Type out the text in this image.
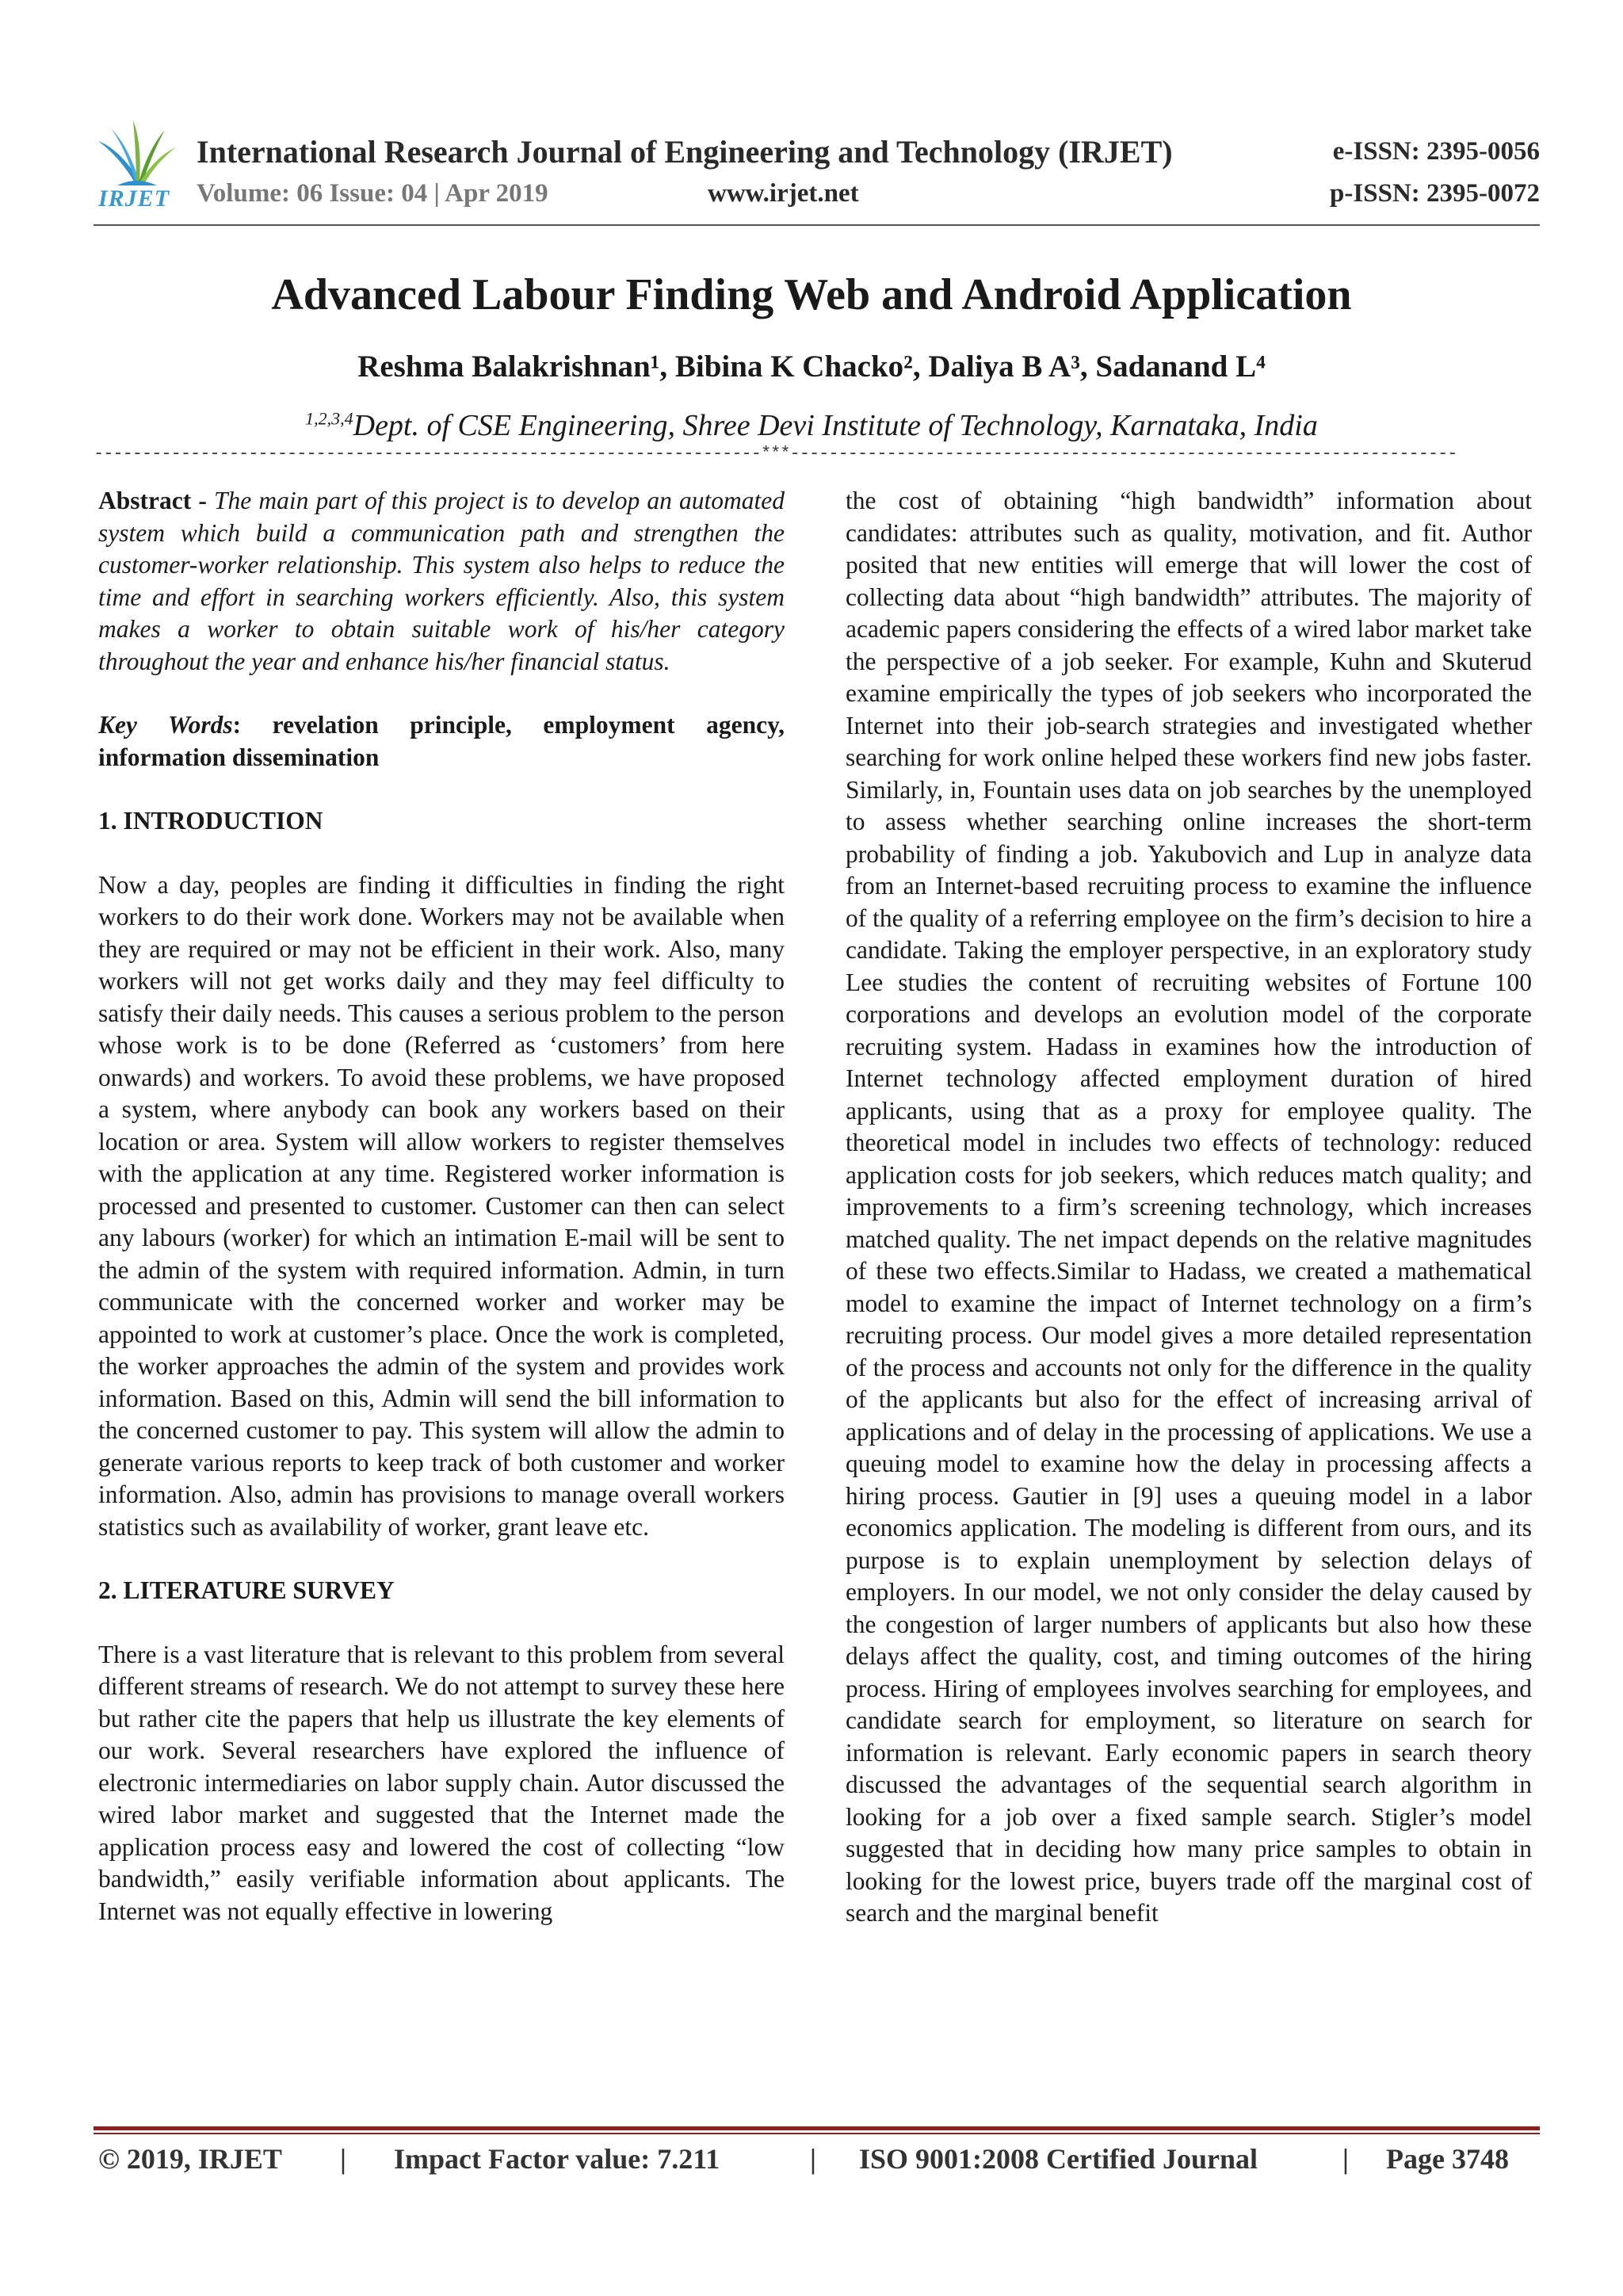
IRJET
International Research Journal of Engineering and Technology (IRJET)
Volume: 06 Issue: 04 | Apr 2019	www.irjet.net
e-ISSN: 2395-0056
p-ISSN: 2395-0072
Advanced Labour Finding Web and Android Application
Reshma Balakrishnan¹, Bibina K Chacko², Daliya B A³, Sadanand L⁴
$^{1,2,3,4}$Dept. of CSE Engineering, Shree Devi Institute of Technology, Karnataka, India
---------------------------------------------------------------------***---------------------------------------------------------------------

Abstract - The main part of this project is to develop an automated system which build a communication path and strengthen the customer-worker relationship. This system also helps to reduce the time and effort in searching workers efficiently. Also, this system makes a worker to obtain suitable work of his/her category throughout the year and enhance his/her financial status.

Key Words: revelation principle, employment agency, information dissemination

1. INTRODUCTION

Now a day, peoples are finding it difficulties in finding the right workers to do their work done. Workers may not be available when they are required or may not be efficient in their work. Also, many workers will not get works daily and they may feel difficulty to satisfy their daily needs. This causes a serious problem to the person whose work is to be done (Referred as ‘customers’ from here onwards) and workers. To avoid these problems, we have proposed a system, where anybody can book any workers based on their location or area. System will allow workers to register themselves with the application at any time. Registered worker information is processed and presented to customer. Customer can then can select any labours (worker) for which an intimation E-mail will be sent to the admin of the system with required information. Admin, in turn communicate with the concerned worker and worker may be appointed to work at customer’s place. Once the work is completed, the worker approaches the admin of the system and provides work information. Based on this, Admin will send the bill information to the concerned customer to pay. This system will allow the admin to generate various reports to keep track of both customer and worker information. Also, admin has provisions to manage overall workers statistics such as availability of worker, grant leave etc.

2. LITERATURE SURVEY

There is a vast literature that is relevant to this problem from several different streams of research. We do not attempt to survey these here but rather cite the papers that help us illustrate the key elements of our work. Several researchers have explored the influence of electronic intermediaries on labor supply chain. Autor discussed the wired labor market and suggested that the Internet made the application process easy and lowered the cost of collecting “low bandwidth,” easily verifiable information about applicants. The Internet was not equally effective in lowering

the cost of obtaining “high bandwidth” information about candidates: attributes such as quality, motivation, and fit. Author posited that new entities will emerge that will lower the cost of collecting data about “high bandwidth” attributes. The majority of academic papers considering the effects of a wired labor market take the perspective of a job seeker. For example, Kuhn and Skuterud examine empirically the types of job seekers who incorporated the Internet into their job-search strategies and investigated whether searching for work online helped these workers find new jobs faster. Similarly, in, Fountain uses data on job searches by the unemployed to assess whether searching online increases the short-term probability of finding a job. Yakubovich and Lup in analyze data from an Internet-based recruiting process to examine the influence of the quality of a referring employee on the firm’s decision to hire a candidate. Taking the employer perspective, in an exploratory study Lee studies the content of recruiting websites of Fortune 100 corporations and develops an evolution model of the corporate recruiting system. Hadass in examines how the introduction of Internet technology affected employment duration of hired applicants, using that as a proxy for employee quality. The theoretical model in includes two effects of technology: reduced application costs for job seekers, which reduces match quality; and improvements to a firm’s screening technology, which increases matched quality. The net impact depends on the relative magnitudes of these two effects.Similar to Hadass, we created a mathematical model to examine the impact of Internet technology on a firm’s recruiting process. Our model gives a more detailed representation of the process and accounts not only for the difference in the quality of the applicants but also for the effect of increasing arrival of applications and of delay in the processing of applications. We use a queuing model to examine how the delay in processing affects a hiring process. Gautier in [9] uses a queuing model in a labor economics application. The modeling is different from ours, and its purpose is to explain unemployment by selection delays of employers. In our model, we not only consider the delay caused by the congestion of larger numbers of applicants but also how these delays affect the quality, cost, and timing outcomes of the hiring process. Hiring of employees involves searching for employees, and candidate search for employment, so literature on search for information is relevant. Early economic papers in search theory discussed the advantages of the sequential search algorithm in looking for a job over a fixed sample search. Stigler’s model suggested that in deciding how many price samples to obtain in looking for the lowest price, buyers trade off the marginal cost of search and the marginal benefit

© 2019, IRJET | Impact Factor value: 7.211	| ISO 9001:2008 Certified Journal	| Page 3748
